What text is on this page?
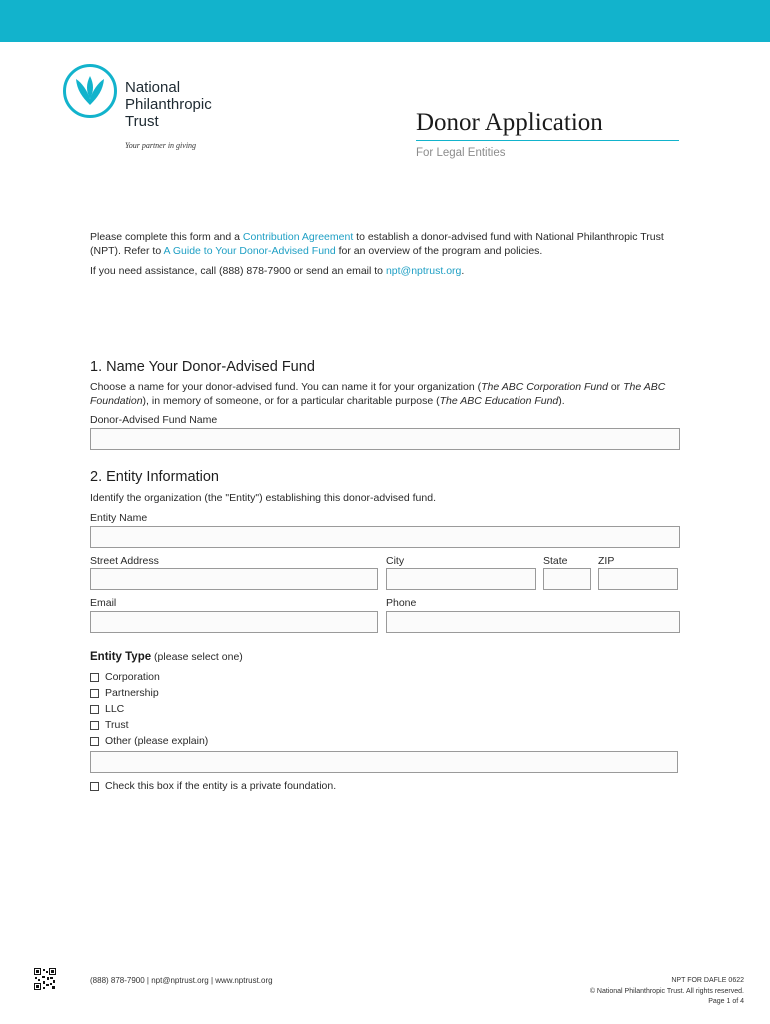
National
Philanthropic
Trust
Your partner in giving
Donor Application
For Legal Entities

Please complete this form and a Contribution Agreement to establish a donor-advised fund with National Philanthropic Trust (NPT). Refer to A Guide to Your Donor-Advised Fund for an overview of the program and policies.

If you need assistance, call (888) 878-7900 or send an email to npt@nptrust.org.

1. Name Your Donor-Advised Fund
Choose a name for your donor-advised fund. You can name it for your organization (The ABC Corporation Fund or The ABC Foundation), in memory of someone, or for a particular charitable purpose (The ABC Education Fund).
Donor-Advised Fund Name
2. Entity Information
Identify the organization (the "Entity") establishing this donor-advised fund.
Entity Name
Street Address	City	State	ZIP
Email	Phone
Entity Type (please select one)
Corporation
Partnership
LLC
Trust
Other (please explain)
Check this box if the entity is a private foundation.
(888) 878-7900 | npt@nptrust.org | www.nptrust.org	NPT FOR DAFLE 0622
© National Philanthropic Trust. All rights reserved.
Page 1 of 4
